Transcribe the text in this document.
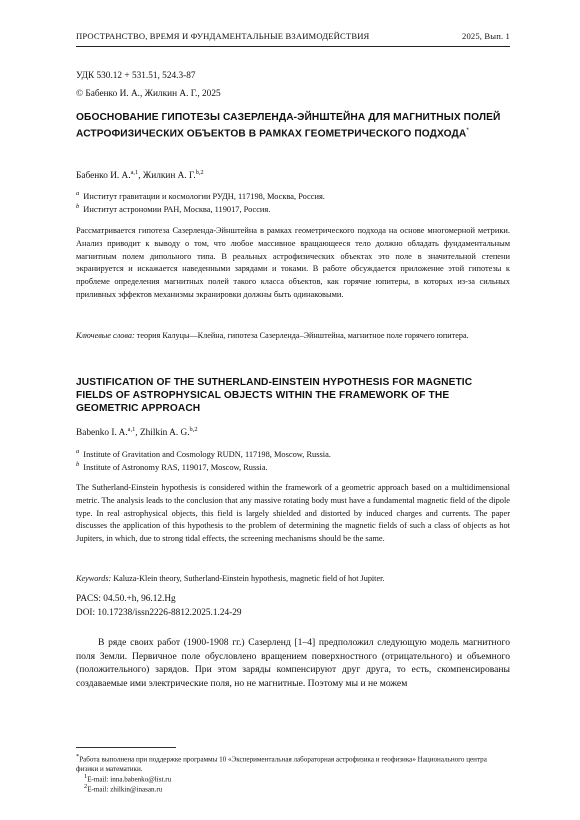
ПРОСТРАНСТВО, ВРЕМЯ И ФУНДАМЕНТАЛЬНЫЕ ВЗАИМОДЕЙСТВИЯ	2025, Вып. 1
УДК 530.12 + 531.51, 524.3-87
© Бабенко И. А., Жилкин А. Г., 2025
ОБОСНОВАНИЕ ГИПОТЕЗЫ САЗЕРЛЕНДА-ЭЙНШТЕЙНА ДЛЯ МАГНИТНЫХ ПОЛЕЙ АСТРОФИЗИЧЕСКИХ ОБЪЕКТОВ В РАМКАХ ГЕОМЕТРИЧЕСКОГО ПОДХОДА*
Бабенко И. А.$^{a,1}$, Жилкин А. Г.$^{b,2}$
$^a$ Институт гравитации и космологии РУДН, 117198, Москва, Россия.
$^b$ Институт астрономии РАН, Москва, 119017, Россия.
Рассматривается гипотеза Сазерленда-Эйнштейна в рамках геометрического подхода на основе многомерной метрики. Анализ приводит к выводу о том, что любое массивное вращающееся тело должно обладать фундаментальным магнитным полем дипольного типа. В реальных астрофизических объектах это поле в значительной степени экранируется и искажается наведенными зарядами и токами. В работе обсуждается приложение этой гипотезы к проблеме определения магнитных полей такого класса объектов, как горячие юпитеры, в которых из-за сильных приливных эффектов механизмы экранировки должны быть одинаковыми.
Ключевые слова: теория Калуцы—Клейна, гипотеза Сазерленда–Эйнштейна, магнитное поле горячего юпитера.
JUSTIFICATION OF THE SUTHERLAND-EINSTEIN HYPOTHESIS FOR MAGNETIC FIELDS OF ASTROPHYSICAL OBJECTS WITHIN THE FRAMEWORK OF THE GEOMETRIC APPROACH
Babenko I. A.$^{a,1}$, Zhilkin A. G.$^{b,2}$
$^a$ Institute of Gravitation and Cosmology RUDN, 117198, Moscow, Russia.
$^b$ Institute of Astronomy RAS, 119017, Moscow, Russia.
The Sutherland-Einstein hypothesis is considered within the framework of a geometric approach based on a multidimensional metric. The analysis leads to the conclusion that any massive rotating body must have a fundamental magnetic field of the dipole type. In real astrophysical objects, this field is largely shielded and distorted by induced charges and currents. The paper discusses the application of this hypothesis to the problem of determining the magnetic fields of such a class of objects as hot Jupiters, in which, due to strong tidal effects, the screening mechanisms should be the same.
Keywords: Kaluza-Klein theory, Sutherland-Einstein hypothesis, magnetic field of hot Jupiter.
PACS: 04.50.+h, 96.12.Hg
DOI: 10.17238/issn2226-8812.2025.1.24-29
В ряде своих работ (1900-1908 гг.) Сазерленд [1–4] предположил следующую модель магнитного поля Земли. Первичное поле обусловлено вращением поверхностного (отрицательного) и объемного (положительного) зарядов. При этом заряды компенсируют друг друга, то есть, скомпенсированы создаваемые ими электрические поля, но не магнитные. Поэтому мы и не можем
*Работа выполнена при поддержке программы 10 «Экспериментальная лабораторная астрофизика и геофизика» Национального центра физики и математики.
$^1$E-mail: inna.babenko@list.ru
$^2$E-mail: zhilkin@inasan.ru
